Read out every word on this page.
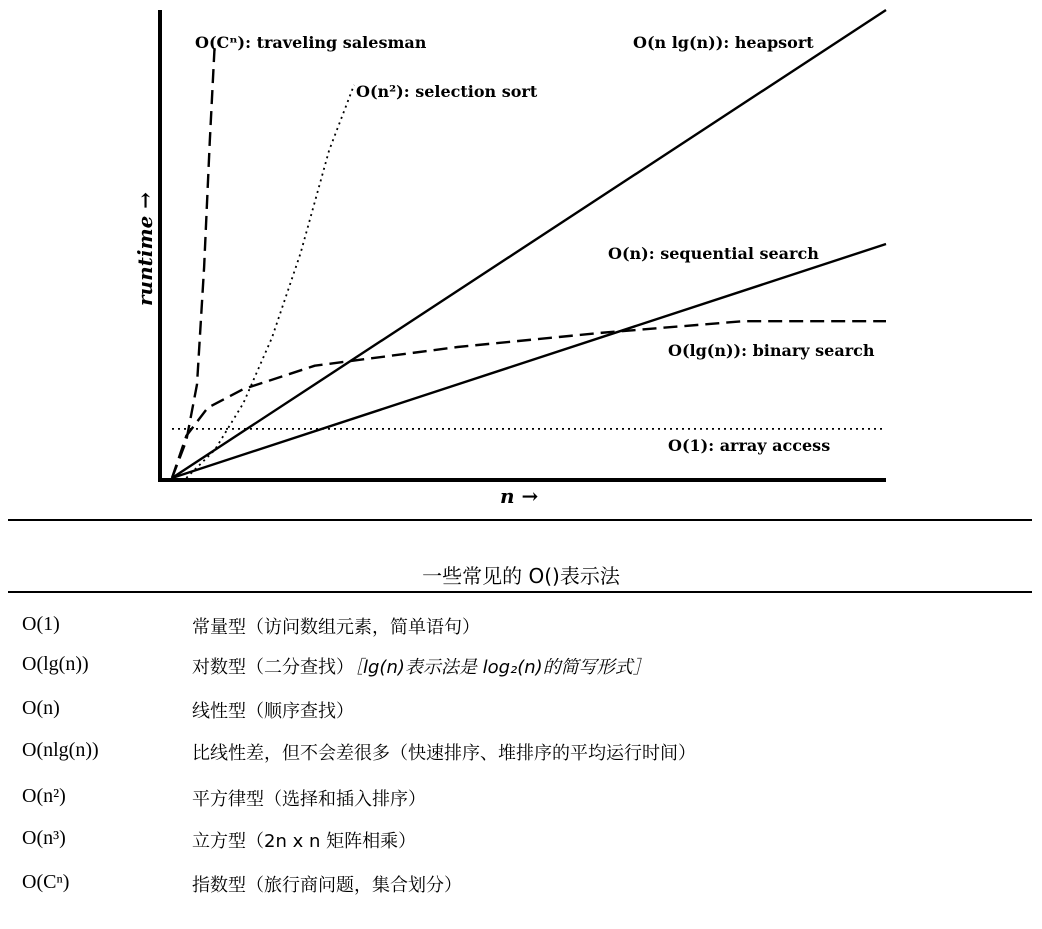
O(1): array access
O(lg(n)): binary search
O(n): sequential search
O(n lg(n)): heapsort
O(n²): selection sort
O(Cⁿ): traveling salesman
n →
runtime →
一些常见的 O()表示法
O(1)	常量型（访问数组元素，简单语句）
O(lg(n))	对数型（二分查找）［lg(n)表示法是 log₂(n)的简写形式］
O(n)	线性型（顺序查找）
O(nlg(n))	比线性差，但不会差很多（快速排序、堆排序的平均运行时间）
O(n²)	平方律型（选择和插入排序）
O(n³)	立方型（2n x n 矩阵相乘）
O(Cⁿ)	指数型（旅行商问题，集合划分）
